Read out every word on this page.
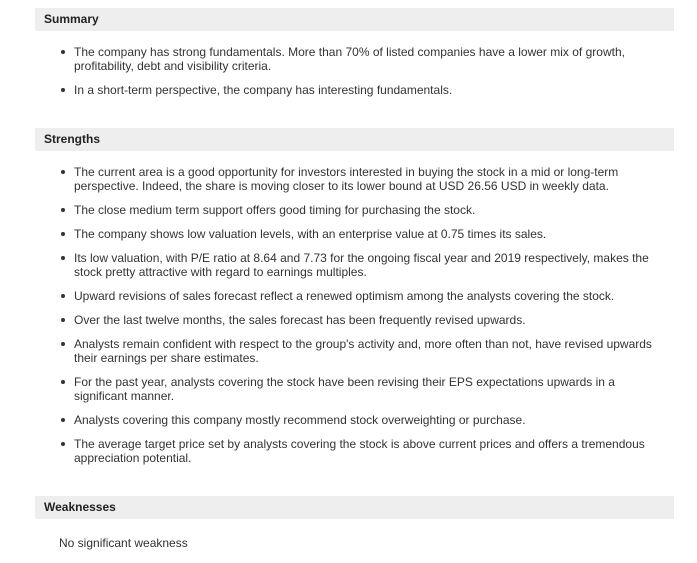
Summary
The company has strong fundamentals. More than 70% of listed companies have a lower mix of growth, profitability, debt and visibility criteria.
In a short-term perspective, the company has interesting fundamentals.
Strengths
The current area is a good opportunity for investors interested in buying the stock in a mid or long-term perspective. Indeed, the share is moving closer to its lower bound at USD 26.56 USD in weekly data.
The close medium term support offers good timing for purchasing the stock.
The company shows low valuation levels, with an enterprise value at 0.75 times its sales.
Its low valuation, with P/E ratio at 8.64 and 7.73 for the ongoing fiscal year and 2019 respectively, makes the stock pretty attractive with regard to earnings multiples.
Upward revisions of sales forecast reflect a renewed optimism among the analysts covering the stock.
Over the last twelve months, the sales forecast has been frequently revised upwards.
Analysts remain confident with respect to the group's activity and, more often than not, have revised upwards their earnings per share estimates.
For the past year, analysts covering the stock have been revising their EPS expectations upwards in a significant manner.
Analysts covering this company mostly recommend stock overweighting or purchase.
The average target price set by analysts covering the stock is above current prices and offers a tremendous appreciation potential.
Weaknesses
No significant weakness
